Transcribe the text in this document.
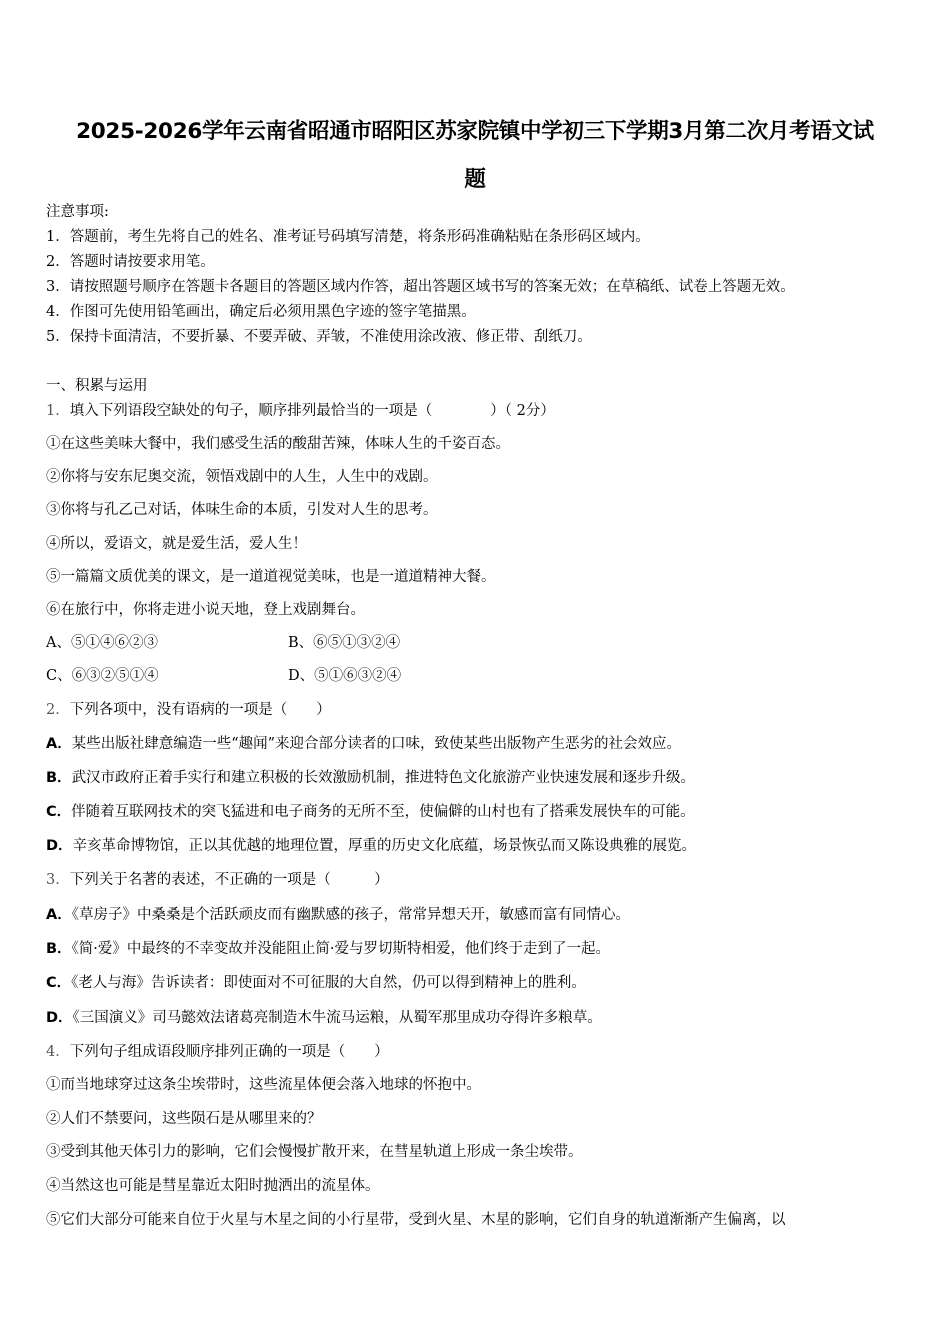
2025-2026学年云南省昭通市昭阳区苏家院镇中学初三下学期3月第二次月考语文试
题
注意事项:
1．答题前，考生先将自己的姓名、准考证号码填写清楚，将条形码准确粘贴在条形码区域内。
2．答题时请按要求用笔。
3．请按照题号顺序在答题卡各题目的答题区域内作答，超出答题区域书写的答案无效；在草稿纸、试卷上答题无效。
4．作图可先使用铅笔画出，确定后必须用黑色字迹的签字笔描黑。
5．保持卡面清洁，不要折暴、不要弄破、弄皱，不准使用涂改液、修正带、刮纸刀。
一、积累与运用
1．填入下列语段空缺处的句子，顺序排列最恰当的一项是（　　　　）（ 2分）
①在这些美味大餐中，我们感受生活的酸甜苦辣，体味人生的千姿百态。
②你将与安东尼奥交流，领悟戏剧中的人生，人生中的戏剧。
③你将与孔乙己对话，体味生命的本质，引发对人生的思考。
④所以，爱语文，就是爱生活，爱人生！
⑤一篇篇文质优美的课文，是一道道视觉美味，也是一道道精神大餐。
⑥在旅行中，你将走进小说天地，登上戏剧舞台。
A、⑤①④⑥②③	B、⑥⑤①③②④
C、⑥③②⑤①④	D、⑤①⑥③②④
2．下列各项中，没有语病的一项是（　　）
A．某些出版社肆意编造一些“趣闻”来迎合部分读者的口味，致使某些出版物产生恶劣的社会效应。
B．武汉市政府正着手实行和建立积极的长效激励机制，推进特色文化旅游产业快速发展和逐步升级。
C．伴随着互联网技术的突飞猛进和电子商务的无所不至，使偏僻的山村也有了搭乘发展快车的可能。
D．辛亥革命博物馆，正以其优越的地理位置，厚重的历史文化底蕴，场景恢弘而又陈设典雅的展览。
3．下列关于名著的表述，不正确的一项是（　　　）
A．《草房子》中桑桑是个活跃顽皮而有幽默感的孩子，常常异想天开，敏感而富有同情心。
B．《简·爱》中最终的不幸变故并没能阻止简·爱与罗切斯特相爱，他们终于走到了一起。
C．《老人与海》告诉读者：即使面对不可征服的大自然，仍可以得到精神上的胜利。
D．《三国演义》司马懿效法诸葛亮制造木牛流马运粮，从蜀军那里成功夺得许多粮草。
4．下列句子组成语段顺序排列正确的一项是（　　）
①而当地球穿过这条尘埃带时，这些流星体便会落入地球的怀抱中。
②人们不禁要问，这些陨石是从哪里来的？
③受到其他天体引力的影响，它们会慢慢扩散开来，在彗星轨道上形成一条尘埃带。
④当然这也可能是彗星靠近太阳时抛洒出的流星体。
⑤它们大部分可能来自位于火星与木星之间的小行星带，受到火星、木星的影响，它们自身的轨道渐渐产生偏离，以
